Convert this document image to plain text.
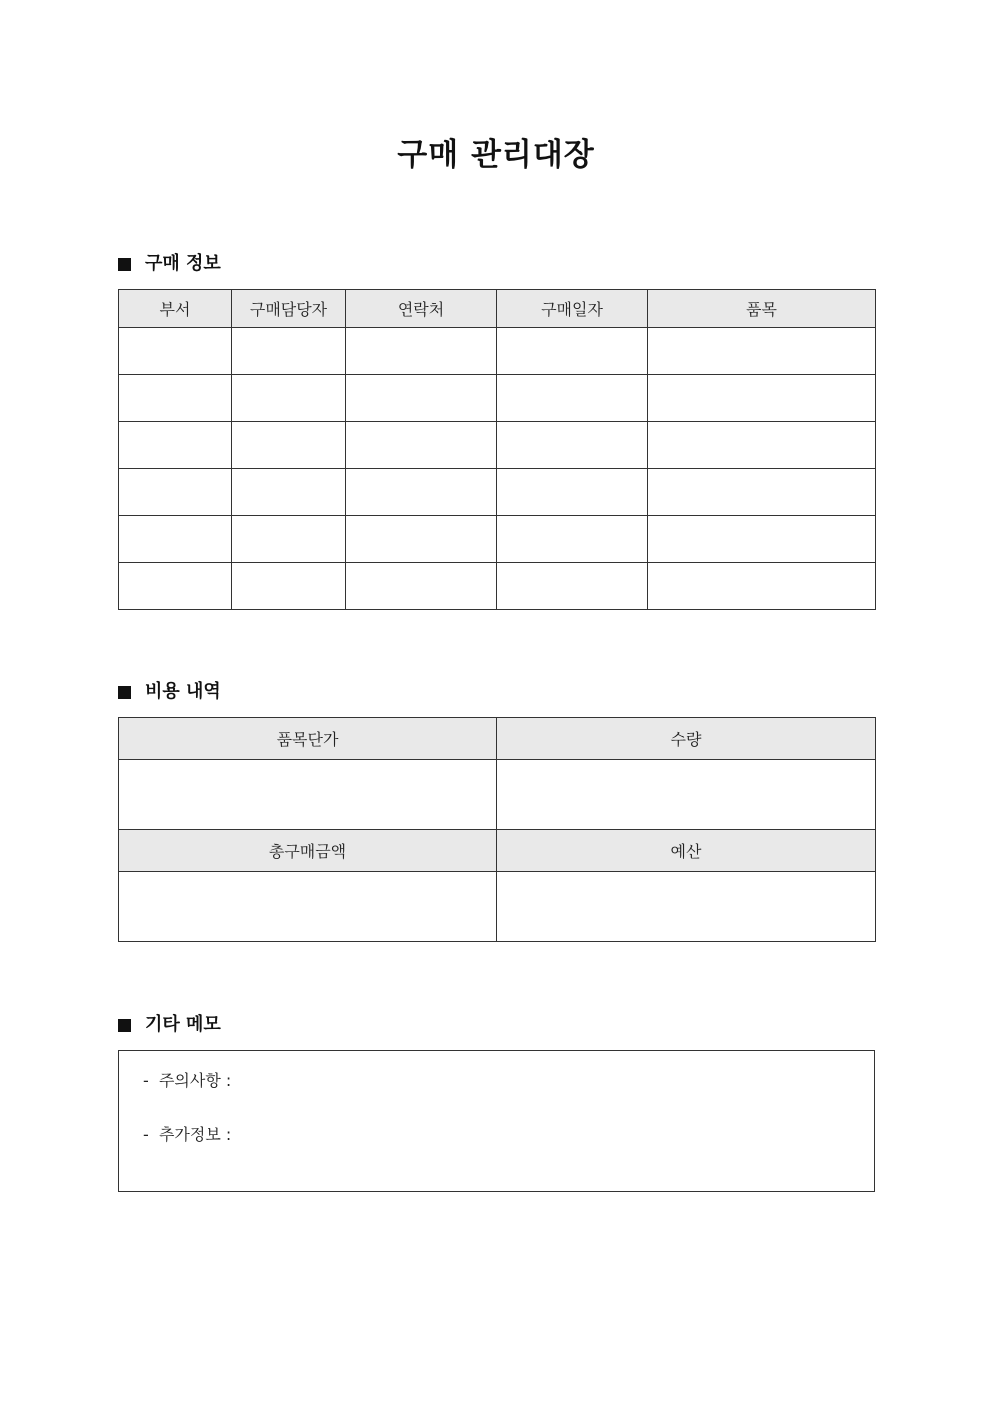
구매 관리대장
구매 정보
부서	구매담당자	연락처	구매일자	품목

비용 내역
품목단가	수량

총구매금액	예산

기타 메모
-  주의사항 :
-  추가정보 :
